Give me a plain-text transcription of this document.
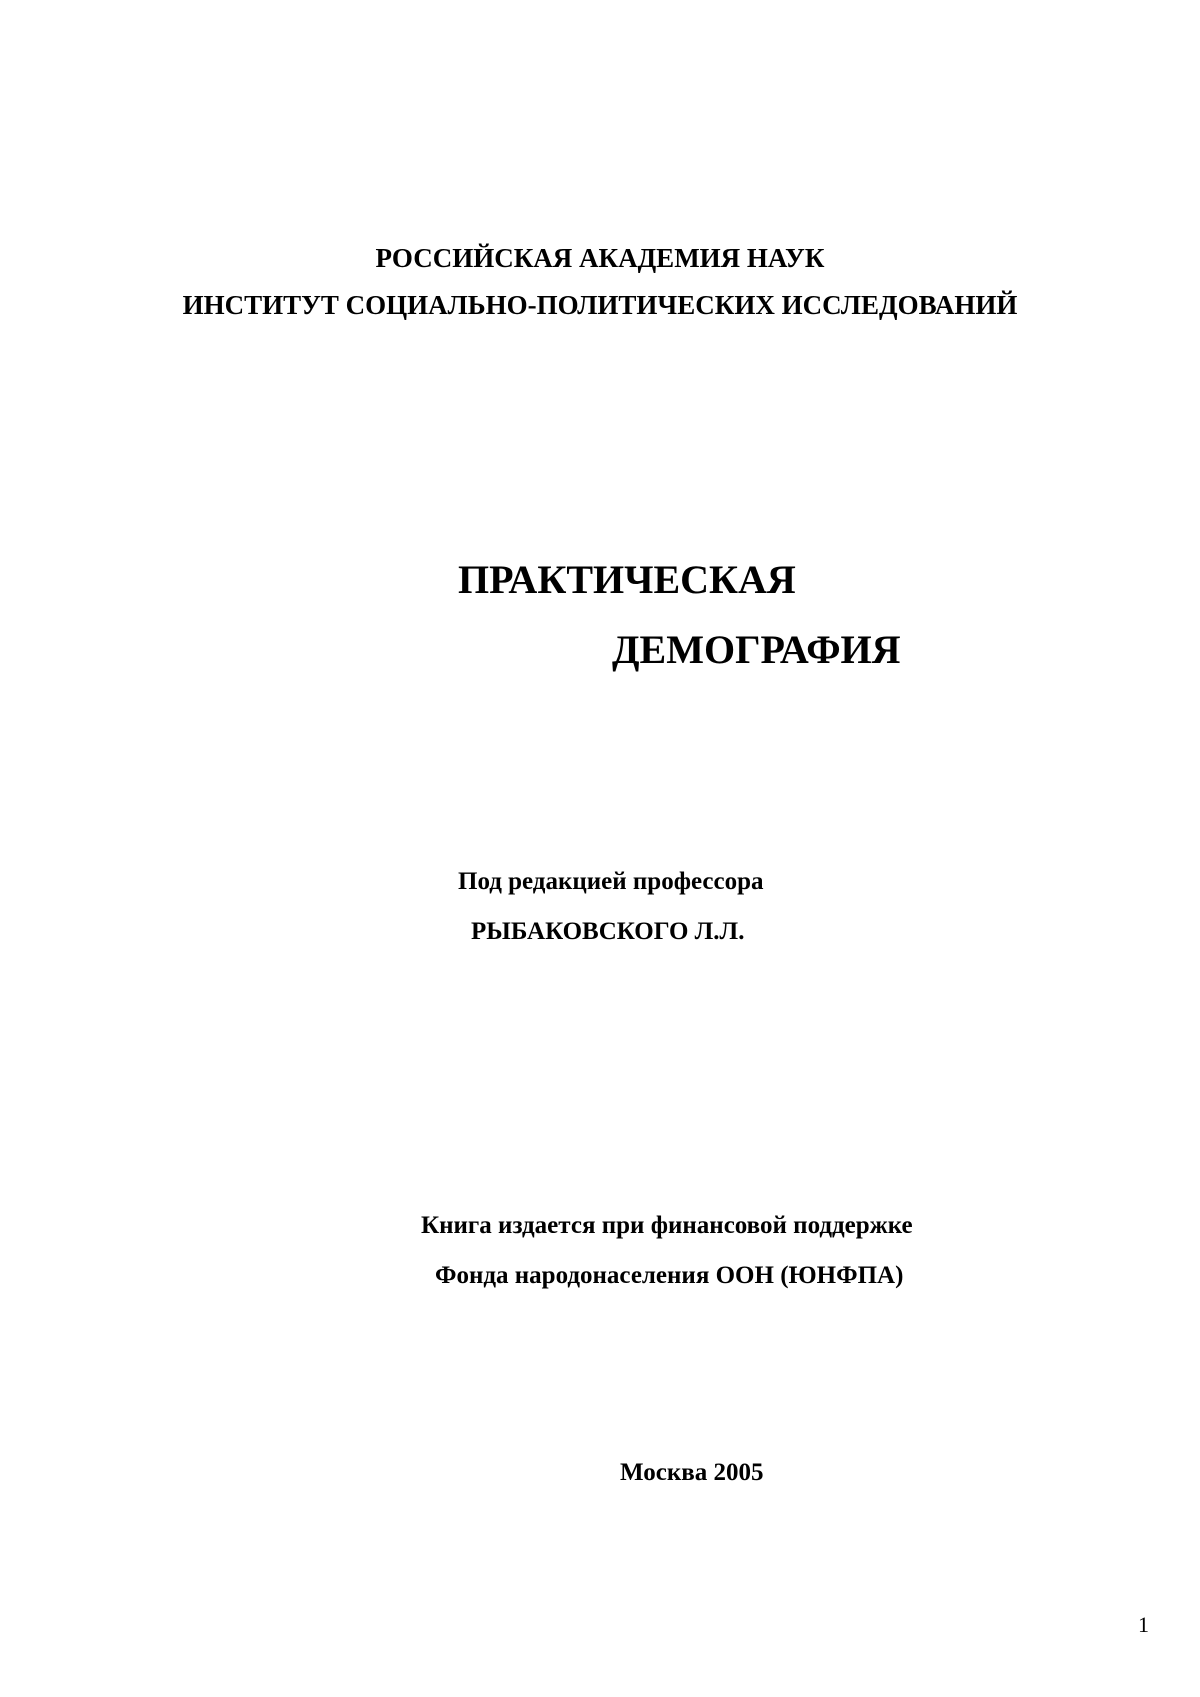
РОССИЙСКАЯ АКАДЕМИЯ НАУК
ИНСТИТУТ СОЦИАЛЬНО-ПОЛИТИЧЕСКИХ ИССЛЕДОВАНИЙ
ПРАКТИЧЕСКАЯ
ДЕМОГРАФИЯ
Под редакцией профессора
РЫБАКОВСКОГО Л.Л.
Книга издается при финансовой поддержке
Фонда народонаселения ООН (ЮНФПА)
Москва 2005
1
